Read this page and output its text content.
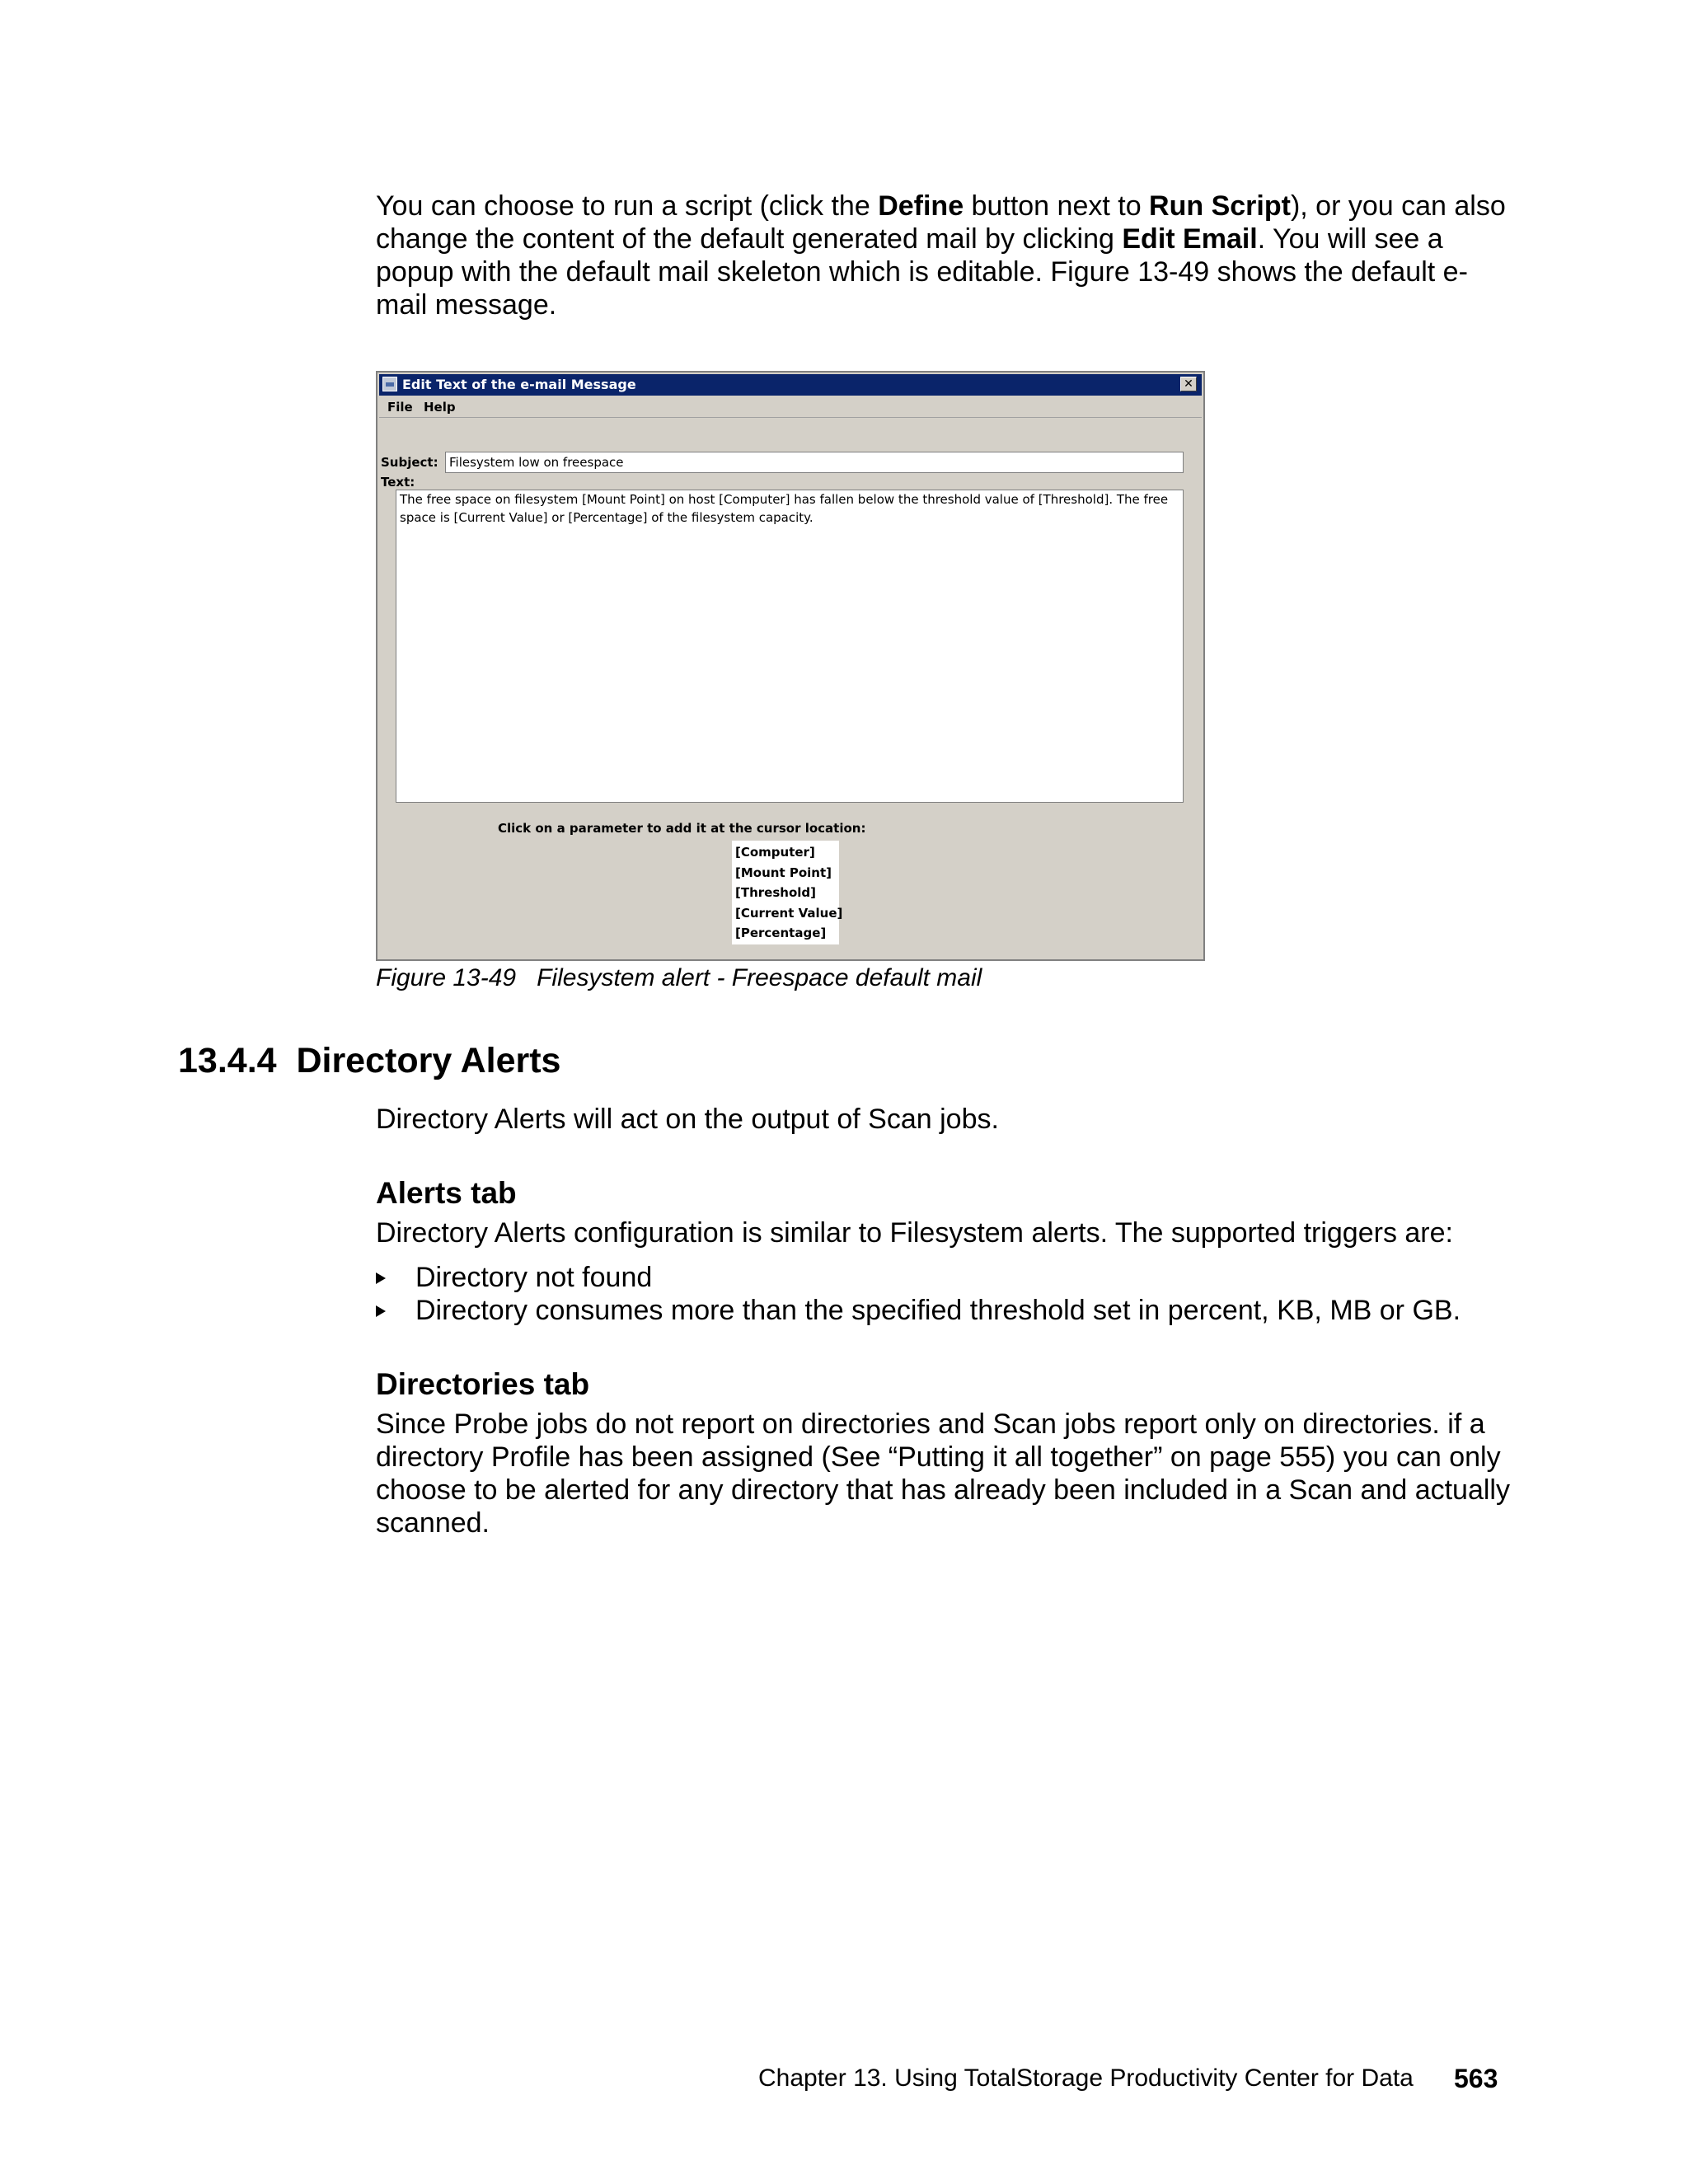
You can choose to run a script (click the Define button next to Run Script), or you can also change the content of the default generated mail by clicking Edit Email. You will see a popup with the default mail skeleton which is editable. Figure 13-49 shows the default e-mail message.

Edit Text of the e-mail Message	✕
File Help
Subject: Filesystem low on freespace
Text:
The free space on filesystem [Mount Point] on host [Computer] has fallen below the threshold value of [Threshold]. The free space is [Current Value] or [Percentage] of the filesystem capacity.
Click on a parameter to add it at the cursor location:
[Computer]
[Mount Point]
[Threshold]
[Current Value]
[Percentage]

Figure 13-49   Filesystem alert - Freespace default mail

13.4.4  Directory Alerts

Directory Alerts will act on the output of Scan jobs.

Alerts tab

Directory Alerts configuration is similar to Filesystem alerts. The supported triggers are:

Directory not found
Directory consumes more than the specified threshold set in percent, KB, MB or GB.
Directories tab

Since Probe jobs do not report on directories and Scan jobs report only on directories. if a directory Profile has been assigned (See “Putting it all together” on page 555) you can only choose to be alerted for any directory that has already been included in a Scan and actually scanned.

Chapter 13. Using TotalStorage Productivity Center for Data	563
